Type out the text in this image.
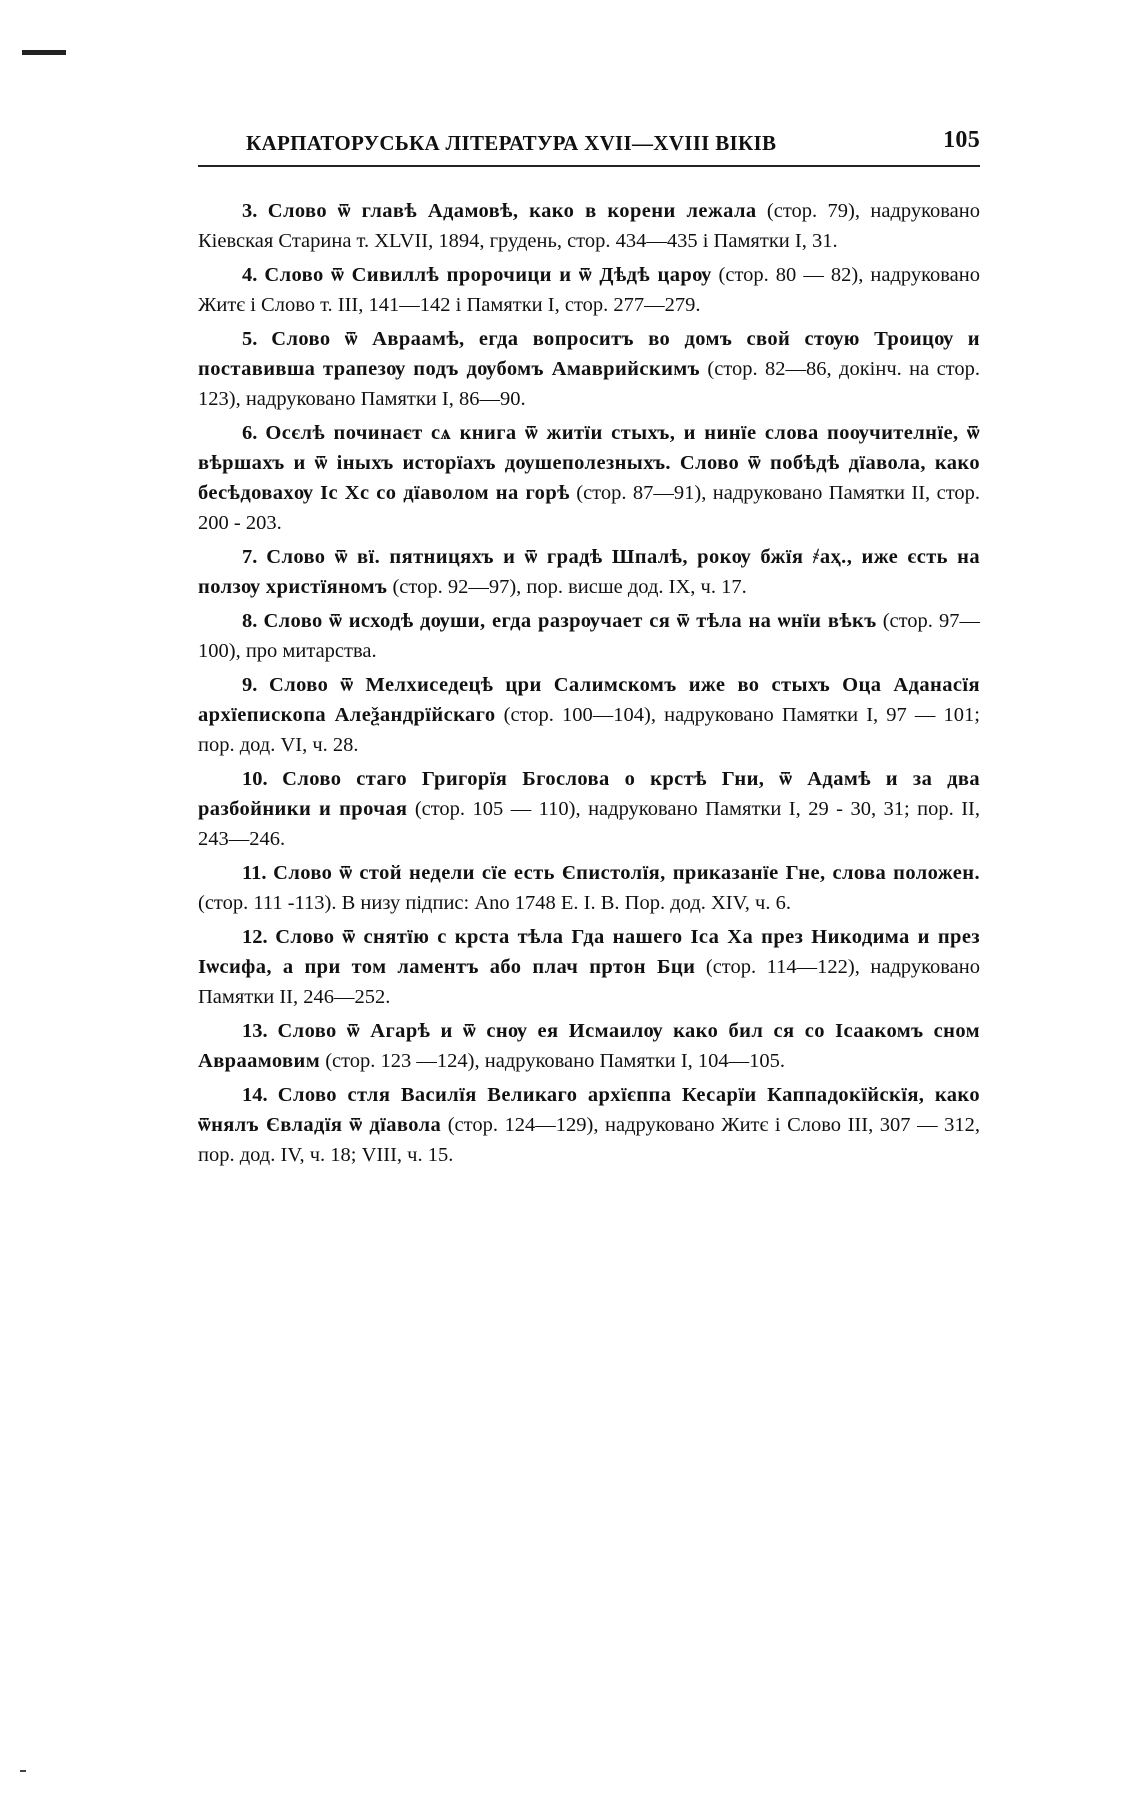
КАРПАТОРУСЬКА ЛІТЕРАТУРА XVII—XVIII ВІКІВ	105

3. Слово ѿ главѣ Адамовѣ, како в корени лежала (стор. 79), надруковано Кіевская Старина т. XLVII, 1894, грудень, стор. 434—435 і Памятки I, 31.

4. Слово ѿ Сивиллѣ пророчици и ѿ Дѣдѣ царѹ (стор. 80 — 82), надруковано Житє і Слово т. III, 141—142 і Памятки I, стор. 277—279.

5. Слово ѿ Авраамѣ, егда вопроситъ во домъ свой стѹю Троицѹ и поставивша трапезѹ подъ дѹбомъ Амаврийскимъ (стор. 82—86, докінч. на стор. 123), надруковано Памятки I, 86—90.

6. Осєлѣ починаєт сѧ книга ѿ житїи стыхъ, и нинїе слова поѹчителнїе, ѿ вѣршахъ и ѿ іныхъ исторїахъ дѹшеполезныхъ. Слово ѿ побѣдѣ дїавола, како бесѣдовахѹ Іс Хс со дїаволом на горѣ (стор. 87—91), надруковано Памятки II, стор. 200 - 203.

7. Слово ѿ вї. пятницяхъ и ѿ градѣ Шпалѣ, рокѹ бжїя ҂аҳ., иже єсть на ползѹ христїяномъ (стор. 92—97), пор. висше дод. IX, ч. 17.

8. Слово ѿ исходѣ дѹши, егда разрѹчает ся ѿ тѣла на ѡнїи вѣкъ (стор. 97—100), про митарства.

9. Слово ѿ Мелхиседецѣ цри Салимскомъ иже во стыхъ Оца Аданасїя архїепископа Алеѯандрїйскаго (стор. 100—104), надруковано Памятки I, 97 — 101; пор. дод. VI, ч. 28.

10. Слово стаго Григорїя Бгослова о крстѣ Гни, ѿ Адамѣ и за два разбойники и прочая (стор. 105 — 110), надруковано Памятки I, 29 - 30, 31; пор. II, 243—246.

11. Слово ѿ стой недели сїе есть Єпистолїя, приказанїе Гне, слова положен. (стор. 111 -113). В низу підпис: Ano 1748 E. I. B. Пор. дод. XIV, ч. 6.

12. Слово ѿ снятїю с крста тѣла Гда нашего Іса Ха през Никодима и през Іѡсифа, а при том ламентъ або плач пртон Бци (стор. 114—122), надруковано Памятки II, 246—252.

13. Слово ѿ Агарѣ и ѿ снѹ ея Исмаилѹ како бил ся со Ісаакомъ сном Авраамовим (стор. 123 —124), надруковано Памятки I, 104—105.

14. Слово стля Василїя Великаго архїєппа Кесарїи Каппадокїйскїя, како ѿнялъ Євладїя ѿ дїавола (стор. 124—129), надруковано Житє і Слово III, 307 — 312, пор. дод. IV, ч. 18; VIII, ч. 15.
